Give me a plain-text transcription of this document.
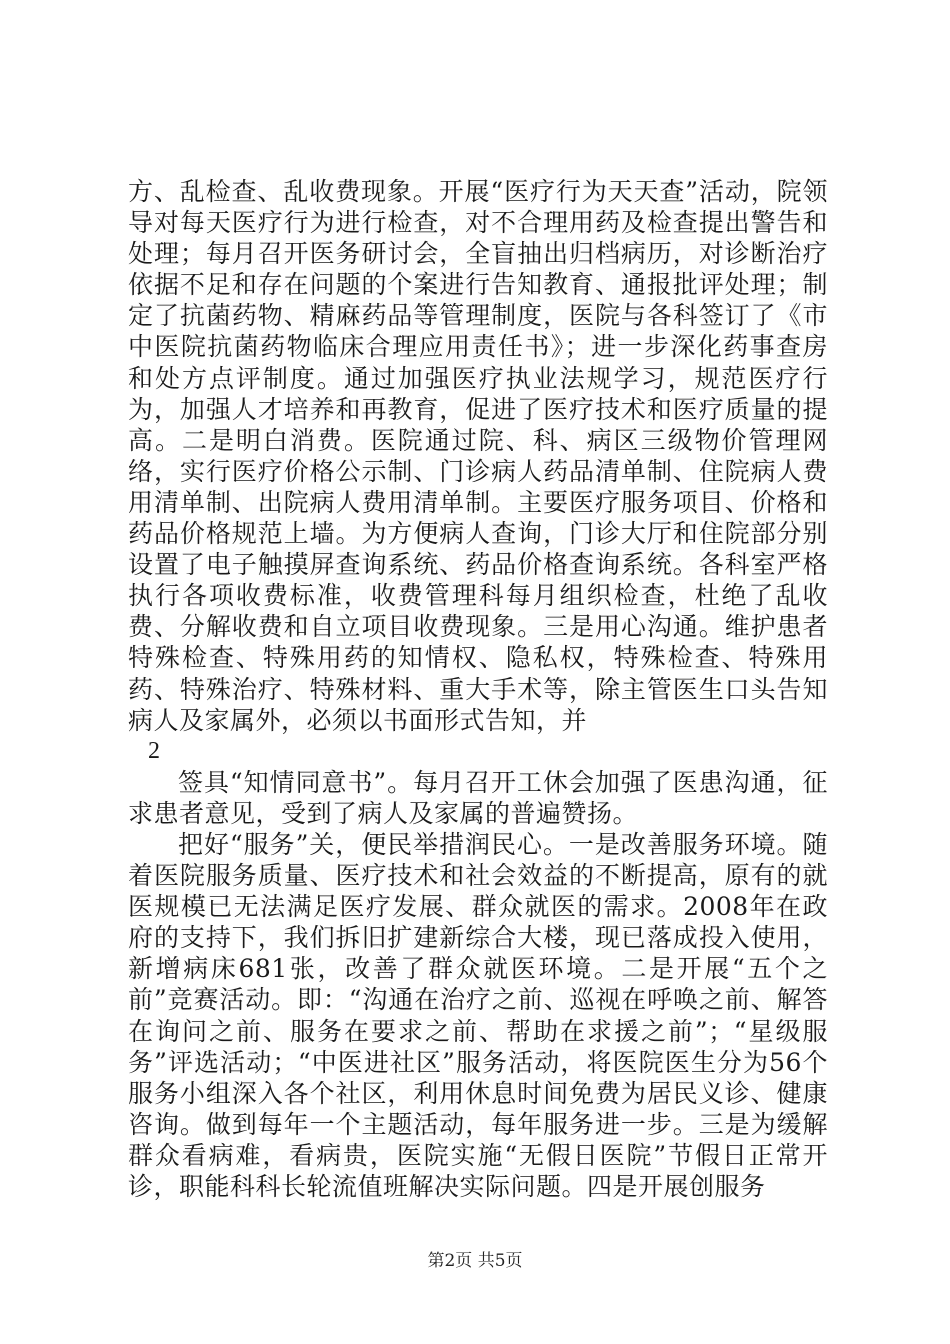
方、乱检查、乱收费现象。开展“医疗行为天天查”活动，院领导对每天医疗行为进行检查，对不合理用药及检查提出警告和处理；每月召开医务研讨会，全盲抽出归档病历，对诊断治疗依据不足和存在问题的个案进行告知教育、通报批评处理；制定了抗菌药物、精麻药品等管理制度，医院与各科签订了《市中医院抗菌药物临床合理应用责任书》；进一步深化药事查房和处方点评制度。通过加强医疗执业法规学习，规范医疗行为，加强人才培养和再教育，促进了医疗技术和医疗质量的提高。二是明白消费。医院通过院、科、病区三级物价管理网络，实行医疗价格公示制、门诊病人药品清单制、住院病人费用清单制、出院病人费用清单制。主要医疗服务项目、价格和药品价格规范上墙。为方便病人查询，门诊大厅和住院部分别设置了电子触摸屏查询系统、药品价格查询系统。各科室严格执行各项收费标准，收费管理科每月组织检查，杜绝了乱收费、分解收费和自立项目收费现象。三是用心沟通。维护患者特殊检查、特殊用药的知情权、隐私权，特殊检查、特殊用药、特殊治疗、特殊材料、重大手术等，除主管医生口头告知病人及家属外，必须以书面形式告知，并

2

签具“知情同意书”。每月召开工休会加强了医患沟通，征求患者意见，受到了病人及家属的普遍赞扬。

把好“服务”关，便民举措润民心。一是改善服务环境。随着医院服务质量、医疗技术和社会效益的不断提高，原有的就医规模已无法满足医疗发展、群众就医的需求。2008年在政府的支持下，我们拆旧扩建新综合大楼，现已落成投入使用，新增病床681张，改善了群众就医环境。二是开展“五个之前”竞赛活动。即：“沟通在治疗之前、巡视在呼唤之前、解答在询问之前、服务在要求之前、帮助在求援之前”；“星级服务”评选活动；“中医进社区”服务活动，将医院医生分为56个服务小组深入各个社区，利用休息时间免费为居民义诊、健康咨询。做到每年一个主题活动，每年服务进一步。三是为缓解群众看病难，看病贵，医院实施“无假日医院”节假日正常开诊，职能科科长轮流值班解决实际问题。四是开展创服务

第2页 共5页
